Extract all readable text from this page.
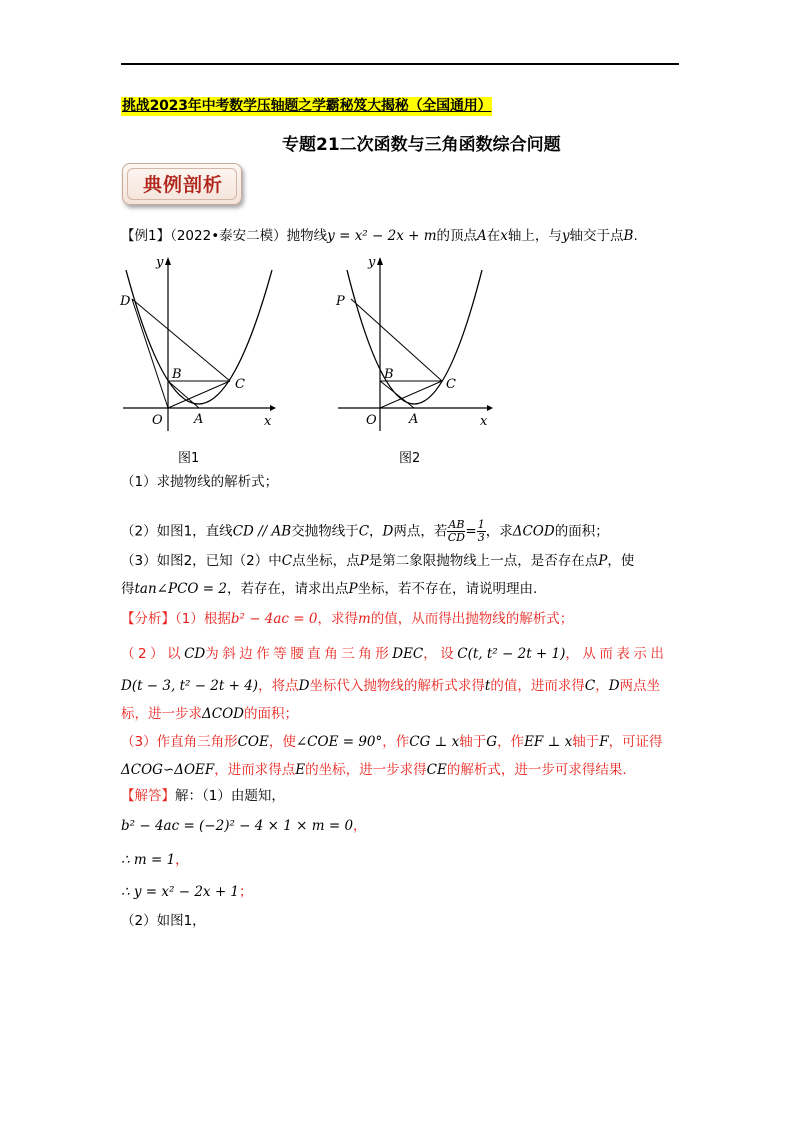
挑战2023年中考数学压轴题之学霸秘笈大揭秘（全国通用）
专题21二次函数与三角函数综合问题
典例剖析
【例1】（2022•泰安二模）抛物线y = x² − 2x + m的顶点A在x轴上，与y轴交于点B.
y
x
O A
B
C
D
图1
y
x
O A
B
C
P
图2
（1）求抛物线的解析式；
（2）如图1，直线CD // AB交抛物线于C，D两点，若 $\frac{AB}{CD} = \frac{1}{3}$ ，求ΔCOD的面积；
（3）如图2，已知（2）中C点坐标，点P是第二象限抛物线上一点，是否存在点P，使
得tan∠PCO = 2，若存在，请求出点P坐标，若不存在，请说明理由.
【分析】（1）根据b² − 4ac = 0，求得m的值，从而得出抛物线的解析式；
（2）以CD为斜边作等腰直角三角形DEC，设C(t, t² − 2t + 1)，从而表示出
D(t − 3, t² − 2t + 4)，将点D坐标代入抛物线的解析式求得t的值，进而求得C，D两点坐
标，进一步求ΔCOD的面积；
（3）作直角三角形COE，使∠COE = 90°，作CG ⊥ x轴于G，作EF ⊥ x轴于F，可证得
ΔCOG∽ΔOEF，进而求得点E的坐标，进一步求得CE的解析式，进一步可求得结果.
【解答】解：（1）由题知，
b² − 4ac = (−2)² − 4 × 1 × m = 0，
∴ m = 1，
∴ y = x² − 2x + 1；
（2）如图1，
